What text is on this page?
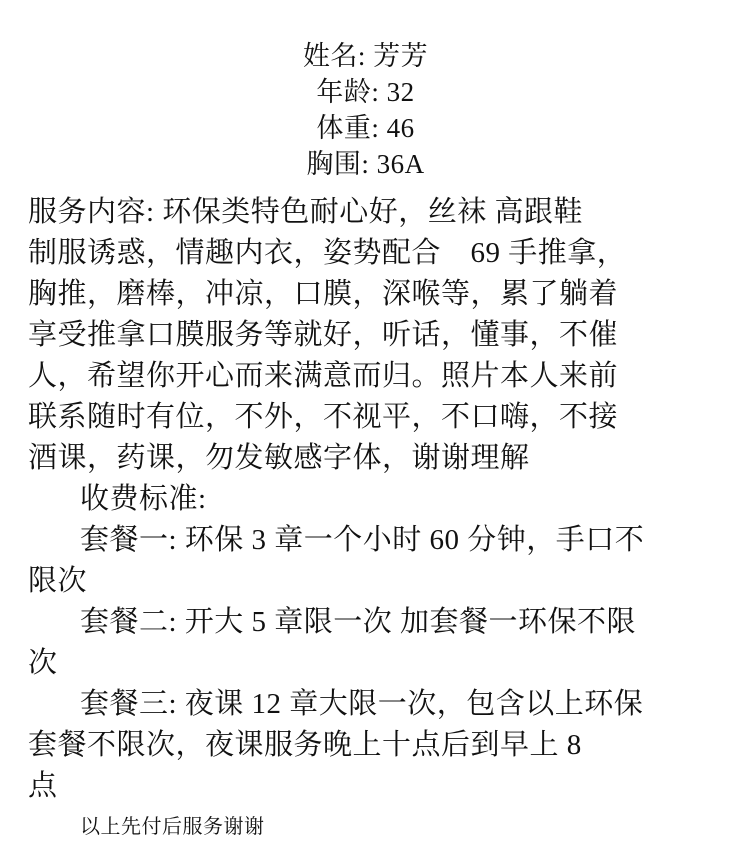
姓名: 芳芳
年龄: 32
体重: 46
胸围: 36A
服务内容: 环保类特色耐心好，丝袜 高跟鞋
制服诱惑，情趣内衣，姿势配合　69 手推拿，
胸推，磨棒，冲凉，口膜，深喉等，累了躺着
享受推拿口膜服务等就好，听话，懂事，不催
人，希望你开心而来满意而归。照片本人来前
联系随时有位，不外，不视平，不口嗨，不接
酒课，药课，勿发敏感字体，谢谢理解
收费标准:
套餐一: 环保 3 章一个小时 60 分钟，手口不
限次
套餐二: 开大 5 章限一次 加套餐一环保不限
次
套餐三: 夜课 12 章大限一次，包含以上环保
套餐不限次，夜课服务晚上十点后到早上 8
点
以上先付后服务谢谢
